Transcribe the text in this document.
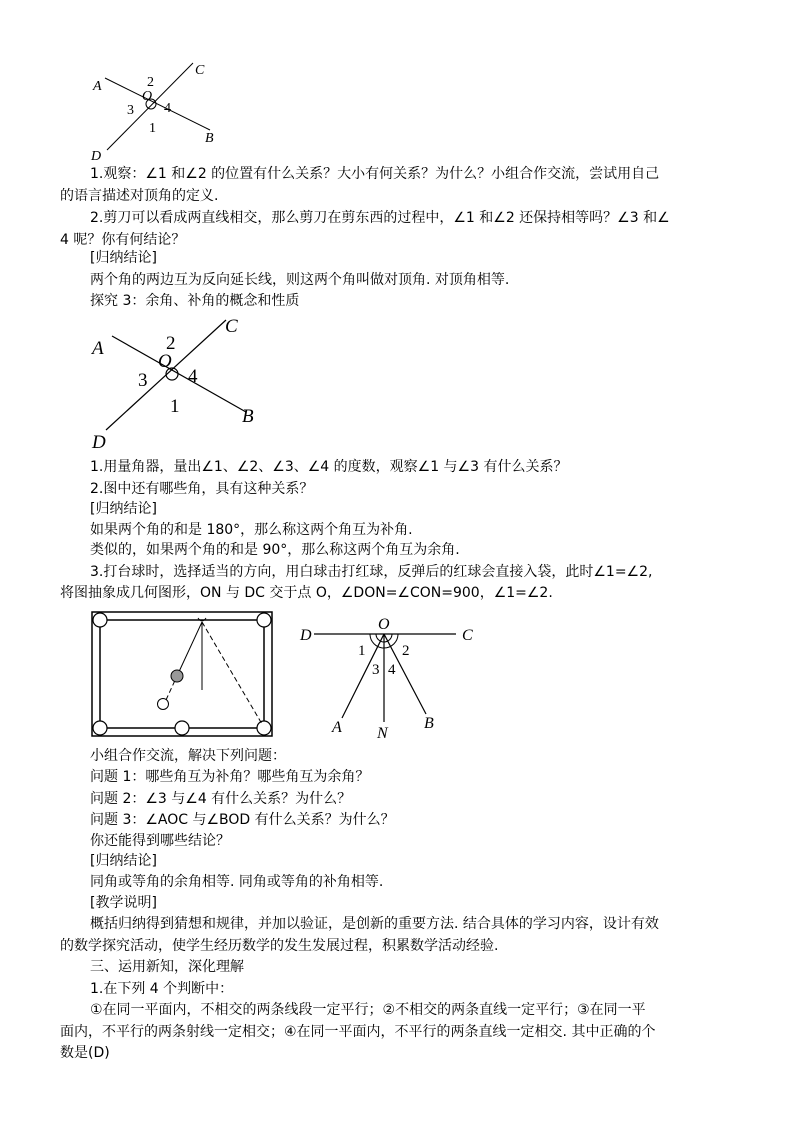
A
C
B
D
O
2
3 4
1
1.观察：∠1 和∠2 的位置有什么关系？大小有何关系？为什么？小组合作交流，尝试用自己
的语言描述对顶角的定义.
2.剪刀可以看成两直线相交，那么剪刀在剪东西的过程中，∠1 和∠2 还保持相等吗？∠3 和∠
4 呢？你有何结论？
[归纳结论]
两个角的两边互为反向延长线，则这两个角叫做对顶角. 对顶角相等.
探究 3：余角、补角的概念和性质
A
C
B
D
O
2
3 4
1
1.用量角器，量出∠1、∠2、∠3、∠4 的度数，观察∠1 与∠3 有什么关系？
2.图中还有哪些角，具有这种关系？
[归纳结论]
如果两个角的和是 180°，那么称这两个角互为补角.
类似的，如果两个角的和是 90°，那么称这两个角互为余角.
3.打台球时，选择适当的方向，用白球击打红球，反弹后的红球会直接入袋，此时∠1=∠2,
将图抽象成几何图形，ON 与 DC 交于点 O，∠DON=∠CON=900，∠1=∠2.
D
O
C
1 2
3 4
A N
B
小组合作交流，解决下列问题：
问题 1：哪些角互为补角？哪些角互为余角？
问题 2：∠3 与∠4 有什么关系？为什么？
问题 3：∠AOC 与∠BOD 有什么关系？为什么？
你还能得到哪些结论？
[归纳结论]
同角或等角的余角相等. 同角或等角的补角相等.
[教学说明]
概括归纳得到猜想和规律，并加以验证，是创新的重要方法. 结合具体的学习内容，设计有效
的数学探究活动，使学生经历数学的发生发展过程，积累数学活动经验.
三、运用新知，深化理解
1.在下列 4 个判断中：
①在同一平面内，不相交的两条线段一定平行；②不相交的两条直线一定平行；③在同一平
面内，不平行的两条射线一定相交；④在同一平面内，不平行的两条直线一定相交. 其中正确的个
数是(D)
